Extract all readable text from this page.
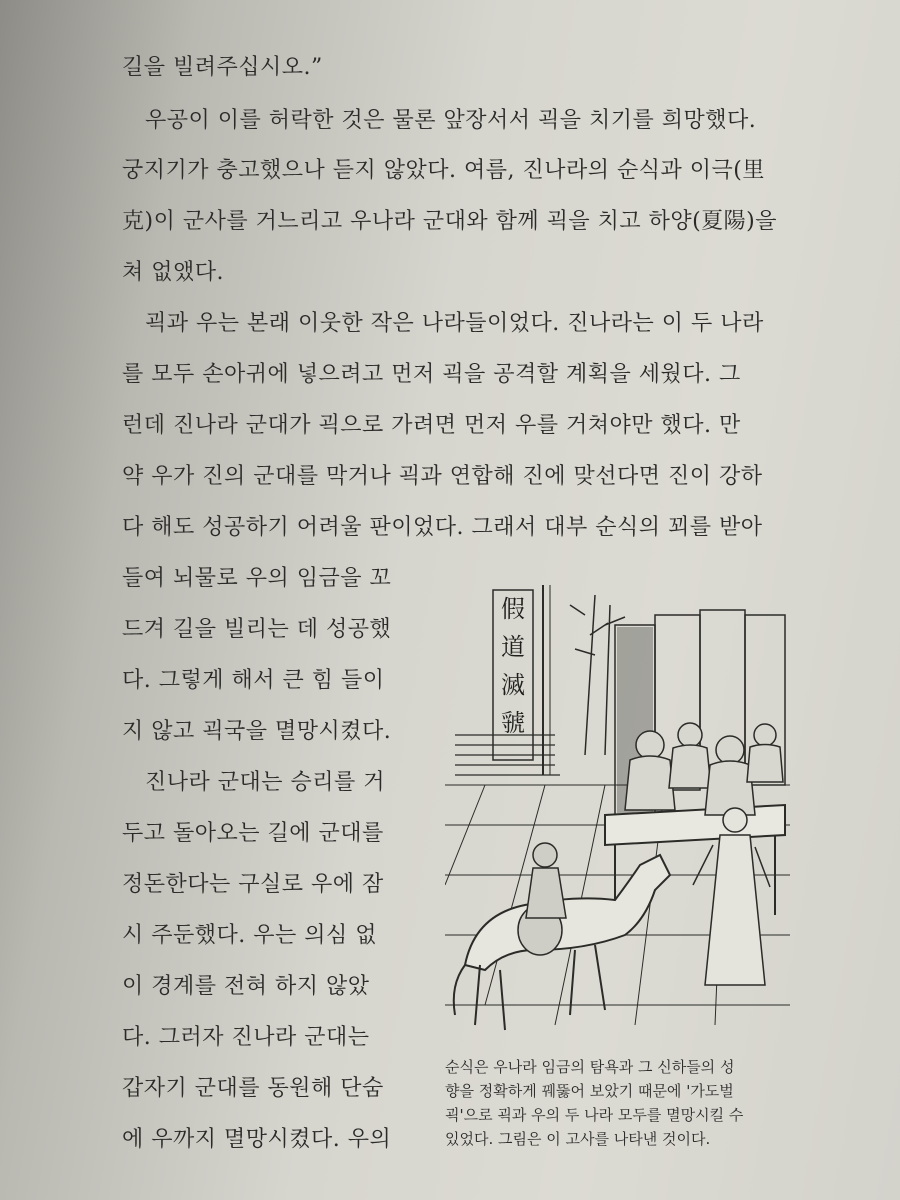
길을 빌려주십시오.”
우공이 이를 허락한 것은 물론 앞장서서 괵을 치기를 희망했다.
궁지기가 충고했으나 듣지 않았다. 여름, 진나라의 순식과 이극(里
克)이 군사를 거느리고 우나라 군대와 함께 괵을 치고 하양(夏陽)을
쳐 없앴다.
괵과 우는 본래 이웃한 작은 나라들이었다. 진나라는 이 두 나라
를 모두 손아귀에 넣으려고 먼저 괵을 공격할 계획을 세웠다. 그
런데 진나라 군대가 괵으로 가려면 먼저 우를 거쳐야만 했다. 만
약 우가 진의 군대를 막거나 괵과 연합해 진에 맞선다면 진이 강하
다 해도 성공하기 어려울 판이었다. 그래서 대부 순식의 꾀를 받아
들여 뇌물로 우의 임금을 꼬
드겨 길을 빌리는 데 성공했
다. 그렇게 해서 큰 힘 들이
지 않고 괵국을 멸망시켰다.
진나라 군대는 승리를 거
두고 돌아오는 길에 군대를
정돈한다는 구실로 우에 잠
시 주둔했다. 우는 의심 없
이 경계를 전혀 하지 않았
다. 그러자 진나라 군대는
갑자기 군대를 동원해 단숨
에 우까지 멸망시켰다. 우의
假道滅虢
순식은 우나라 임금의 탐욕과 그 신하들의 성
향을 정확하게 꿰뚫어 보았기 때문에 '가도벌
괵'으로 괵과 우의 두 나라 모두를 멸망시킬 수
있었다. 그림은 이 고사를 나타낸 것이다.
